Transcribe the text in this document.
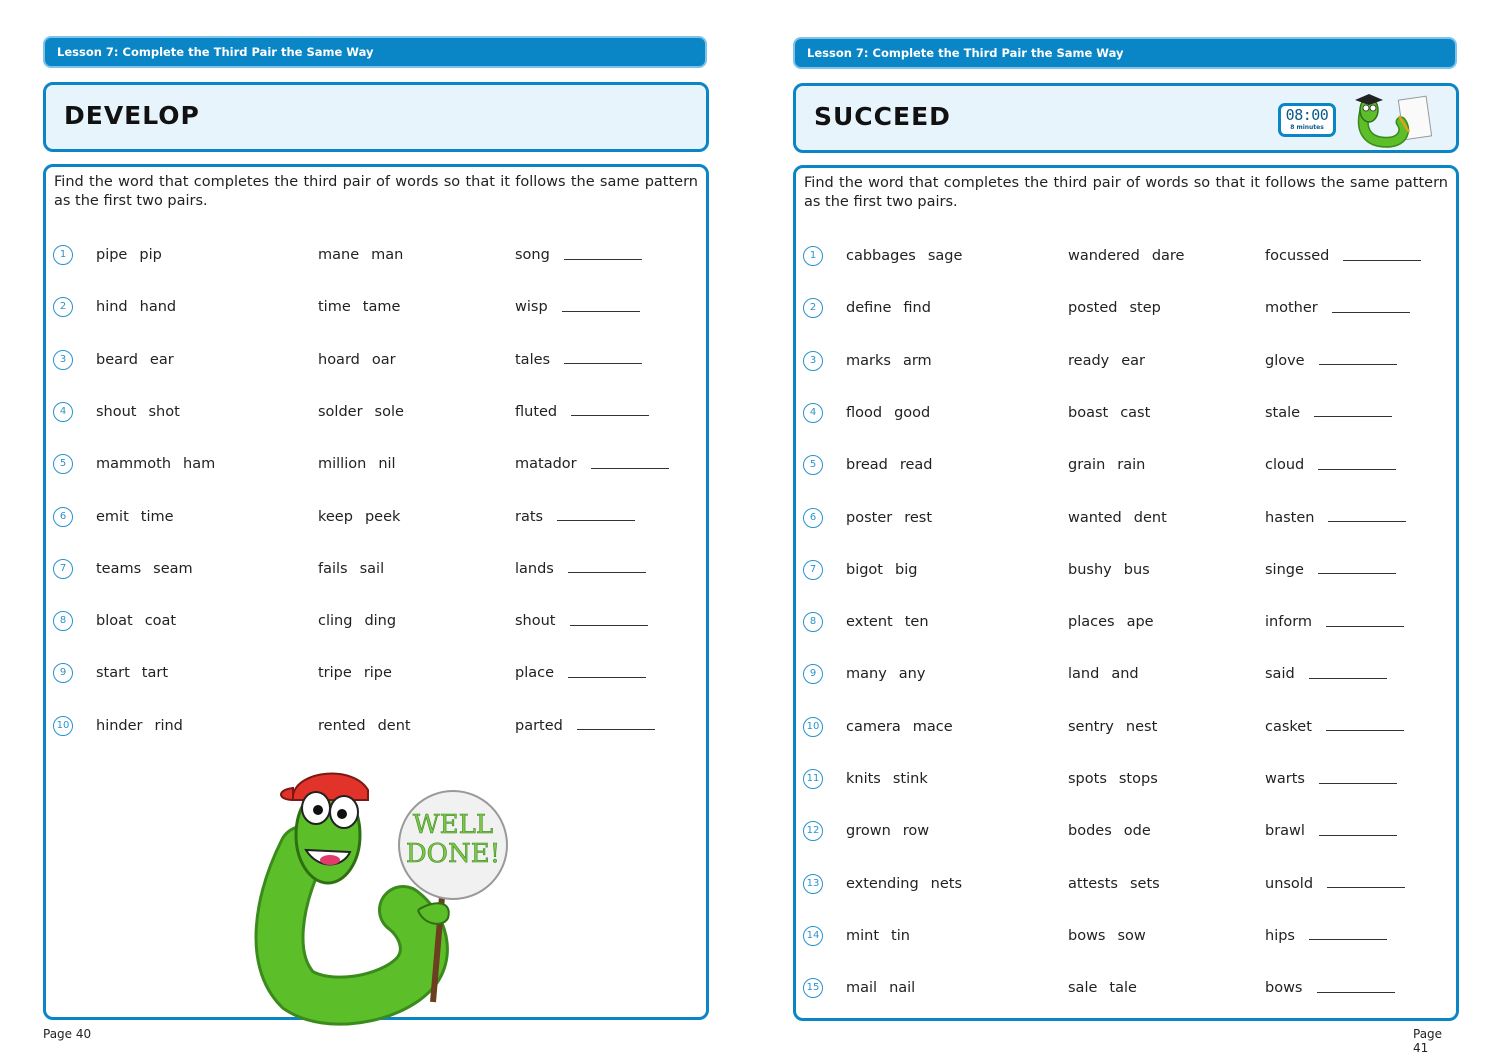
Lesson 7: Complete the Third Pair the Same Way
DEVELOP
Find the word that completes the third pair of words so that it follows the same pattern as the first two pairs.
1	pipe pip	mane man	song
2	hind hand	time tame	wisp
3	beard ear	hoard oar	tales
4	shout shot	solder sole	fluted
5	mammoth ham	million nil	matador
6	emit time	keep peek	rats
7	teams seam	fails sail	lands
8	bloat coat	cling ding	shout
9	start tart	tripe ripe	place
10 hinder rind	rented dent	parted
WELL
DONE!
Page 40
Lesson 7: Complete the Third Pair the Same Way
SUCCEED	08:00
8 minutes
Find the word that completes the third pair of words so that it follows the same pattern as the first two pairs.
1	cabbages sage	wandered dare	focussed
2	define find	posted step	mother
3	marks arm	ready ear	glove
4	flood good	boast cast	stale
5	bread read	grain rain	cloud
6	poster rest	wanted dent	hasten
7	bigot big	bushy bus	singe
8	extent ten	places ape	inform
9	many any	land and	said
10 camera mace	sentry nest	casket
11 knits stink	spots stops	warts
12 grown row	bodes ode	brawl
13 extending nets	attests sets	unsold
14 mint tin	bows sow	hips
15 mail nail	sale tale	bows
Page 41
